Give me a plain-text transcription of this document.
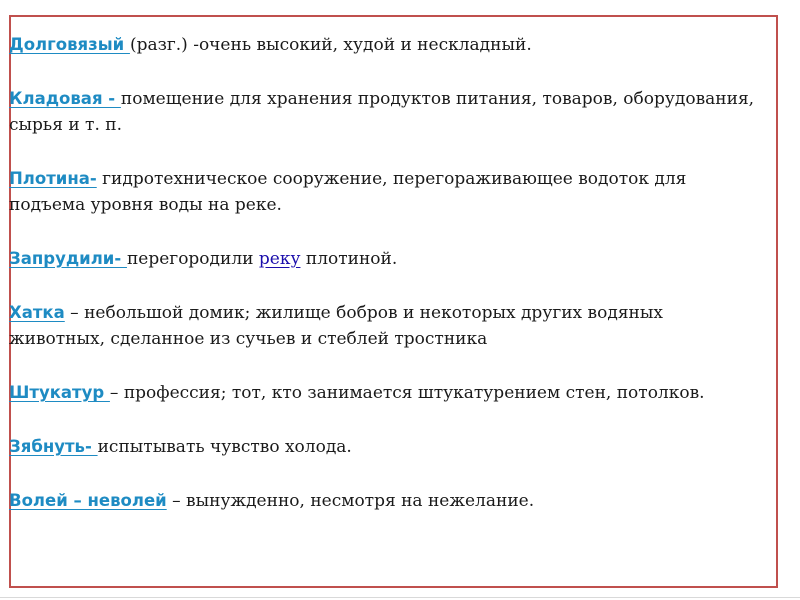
Долговязый (разг.) -очень высокий, худой и нескладный.

Кладовая - помещение для хранения продуктов питания, товаров, оборудования, сырья и т. п.

Плотина- гидротехническое сооружение, перегораживающее водоток для подъема уровня воды на реке.

Запрудили- перегородили реку плотиной.

Хатка – небольшой домик; жилище бобров и некоторых других водяных животных, сделанное из сучьев и стеблей тростника

Штукатур – профессия; тот, кто занимается штукатурением стен, потолков.

Зябнуть- испытывать чувство холода.

Волей – неволей – вынужденно, несмотря на нежелание.
